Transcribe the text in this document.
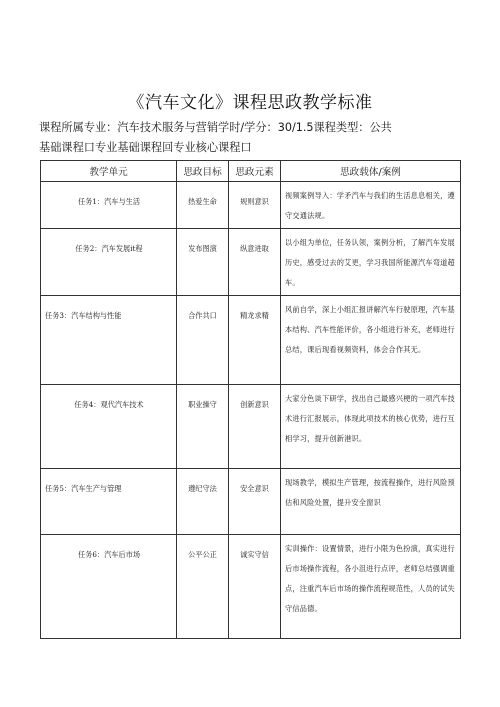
《汽车文化》课程思政教学标准
课程所属专业：汽车技术服务与营销学时/学分：30/1.5课程类型：公共
基础课程口专业基础课程回专业核心课程口
教学单元	思政目标	思政元素	思政载体/案例
任务1：汽车与生活	热爱生命	规则意识	视频案例导入：学矛汽车与我们的生活息息相关，遵守交通法规。
任务2：汽车发展it程	发布图演	纵意进取	以小组为单位，任务认领，案例分析，了解汽车发展历史，感受过去的艾更，学习我国所能源汽车弯道超车。
任务3：汽车结构与性能	合作共口	精龙求精	风前自学，深上小组汇报讲解汽车行驶原理，汽车基本结构、汽车性能评价，各小组进行补充，老师进行总结，课后现看视频资料，体会合作其无。
任务4：观代汽车技术	职业操守	创新意识	大家分色谈下研学，找出自己最感兴梗的一项汽车技术进行汇报展示，体现此项技术的核心优势，进行互相学习，提升创新港识。
任务5：汽车生产与管理	遵纪守法	安全意识	现场教学，模拟生产管理，按流程操作，进行风险预估和风险处置，提升安全窗识
任务6：汽车后市场	公平公正	诚实守信	实训操作：设置情景，进行小限为色扮演，真实进行后市场操作流程，各小沮进行点评，老师总结强调重点，注重汽车后市场的操作流程规范性，人员的试失守信品德。
